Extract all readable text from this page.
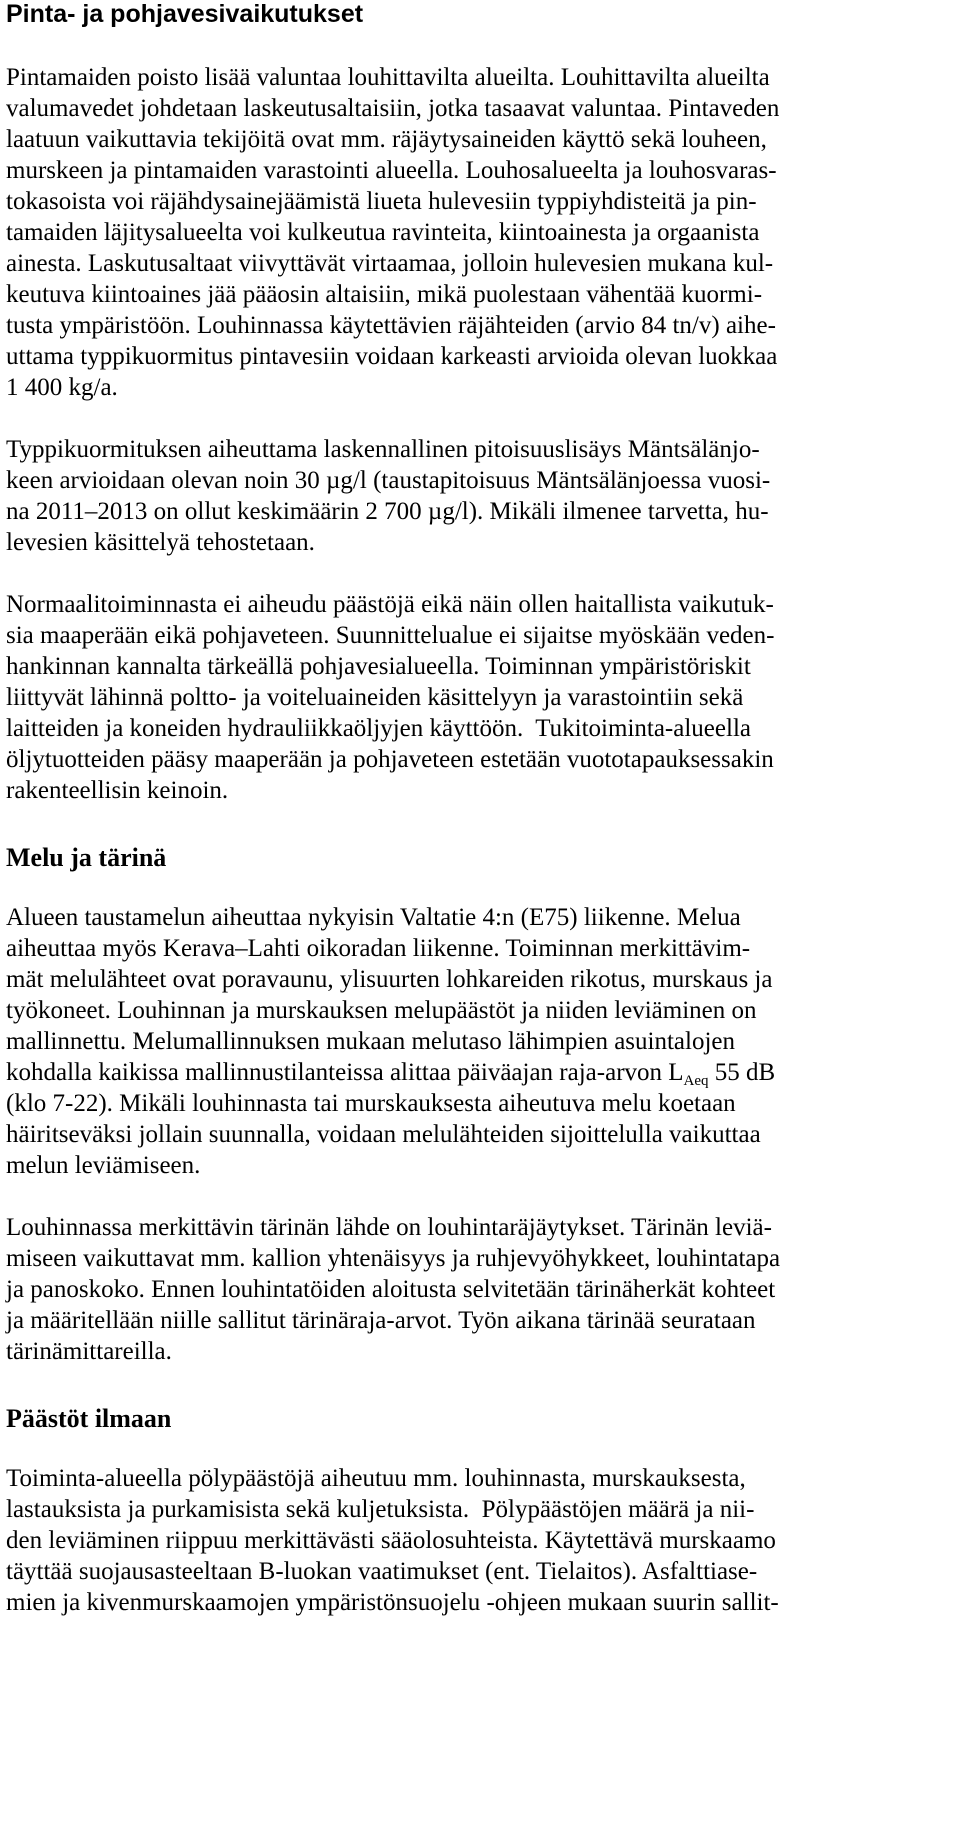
Pinta- ja pohjavesivaikutukset
Pintamaiden poisto lisää valuntaa louhittavilta alueilta. Louhittavilta alueilta
valumavedet johdetaan laskeutusaltaisiin, jotka tasaavat valuntaa. Pintaveden
laatuun vaikuttavia tekijöitä ovat mm. räjäytysaineiden käyttö sekä louheen,
murskeen ja pintamaiden varastointi alueella. Louhosalueelta ja louhosvaras-
tokasoista voi räjähdysainejäämistä liueta hulevesiin typpiyhdisteitä ja pin-
tamaiden läjitysalueelta voi kulkeutua ravinteita, kiintoainesta ja orgaanista
ainesta. Laskutusaltaat viivyttävät virtaamaa, jolloin hulevesien mukana kul-
keutuva kiintoaines jää pääosin altaisiin, mikä puolestaan vähentää kuormi-
tusta ympäristöön. Louhinnassa käytettävien räjähteiden (arvio 84 tn/v) aihe-
uttama typpikuormitus pintavesiin voidaan karkeasti arvioida olevan luokkaa
1 400 kg/a.
Typpikuormituksen aiheuttama laskennallinen pitoisuuslisäys Mäntsälänjo-
keen arvioidaan olevan noin 30 µg/l (taustapitoisuus Mäntsälänjoessa vuosi-
na 2011–2013 on ollut keskimäärin 2 700 µg/l). Mikäli ilmenee tarvetta, hu-
levesien käsittelyä tehostetaan.
Normaalitoiminnasta ei aiheudu päästöjä eikä näin ollen haitallista vaikutuk-
sia maaperään eikä pohjaveteen. Suunnittelualue ei sijaitse myöskään veden-
hankinnan kannalta tärkeällä pohjavesialueella. Toiminnan ympäristöriskit
liittyvät lähinnä poltto- ja voiteluaineiden käsittelyyn ja varastointiin sekä
laitteiden ja koneiden hydrauliikkaöljyjen käyttöön.  Tukitoiminta-alueella
öljytuotteiden pääsy maaperään ja pohjaveteen estetään vuototapauksessakin
rakenteellisin keinoin.
Melu ja tärinä
Alueen taustamelun aiheuttaa nykyisin Valtatie 4:n (E75) liikenne. Melua
aiheuttaa myös Kerava–Lahti oikoradan liikenne. Toiminnan merkittävim-
mät melulähteet ovat poravaunu, ylisuurten lohkareiden rikotus, murskaus ja
työkoneet. Louhinnan ja murskauksen melupäästöt ja niiden leviäminen on
mallinnettu. Melumallinnuksen mukaan melutaso lähimpien asuintalojen
kohdalla kaikissa mallinnustilanteissa alittaa päiväajan raja-arvon $L_{Aeq}$ 55 dB
(klo 7-22). Mikäli louhinnasta tai murskauksesta aiheutuva melu koetaan
häiritseväksi jollain suunnalla, voidaan melulähteiden sijoittelulla vaikuttaa
melun leviämiseen.
Louhinnassa merkittävin tärinän lähde on louhintaräjäytykset. Tärinän leviä-
miseen vaikuttavat mm. kallion yhtenäisyys ja ruhjevyöhykkeet, louhintatapa
ja panoskoko. Ennen louhintatöiden aloitusta selvitetään tärinäherkät kohteet
ja määritellään niille sallitut tärinäraja-arvot. Työn aikana tärinää seurataan
tärinämittareilla.
Päästöt ilmaan
Toiminta-alueella pölypäästöjä aiheutuu mm. louhinnasta, murskauksesta,
lastauksista ja purkamisista sekä kuljetuksista.  Pölypäästöjen määrä ja nii-
den leviäminen riippuu merkittävästi sääolosuhteista. Käytettävä murskaamo
täyttää suojausasteeltaan B-luokan vaatimukset (ent. Tielaitos). Asfalttiase-
mien ja kivenmurskaamojen ympäristönsuojelu -ohjeen mukaan suurin sallit-
